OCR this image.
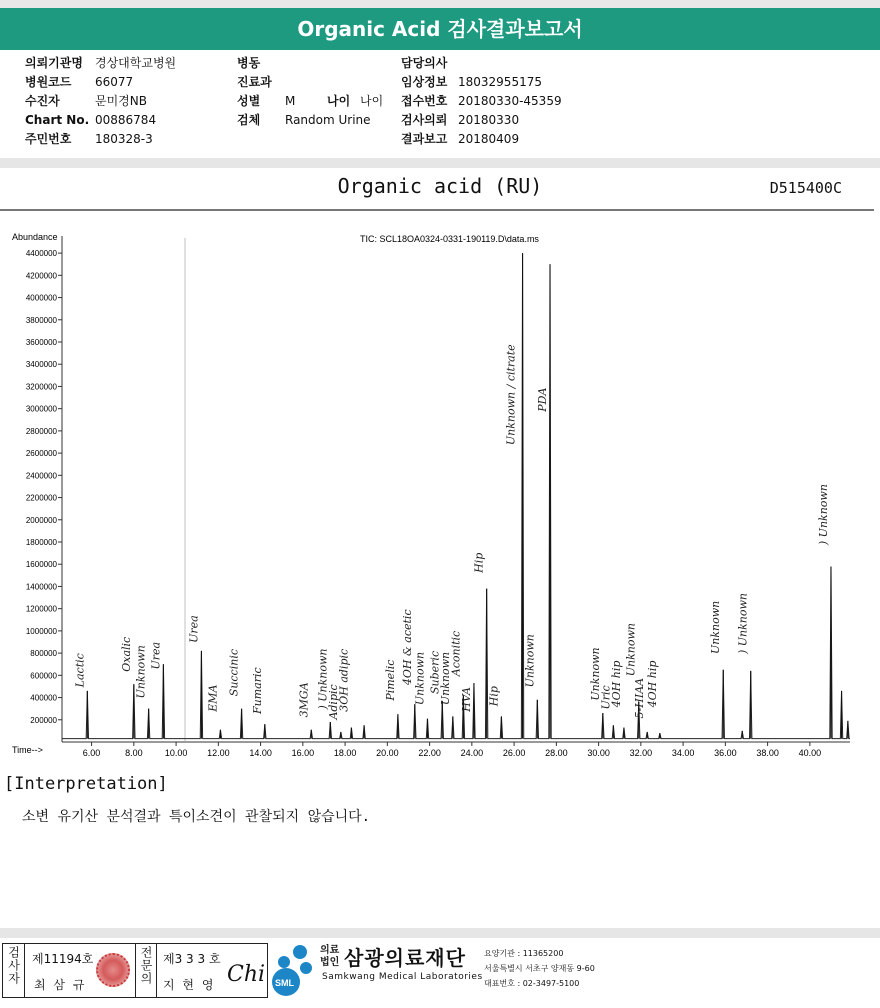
Organic Acid 검사결과보고서
의뢰기관명 경상대학교병원
병원코드 66077
수진자	문미경NB
Chart No. 00886784
주민번호 180328-3
병동
진료과
성별 M	나이 나이
검체 Random Urine
담당의사
임상정보 18032955175
접수번호 20180330-45359
검사의뢰 20180330
결과보고 20180409
Organic acid (RU)	D515400C
Abundance	TIC: SCL18OA0324-0331-190119.D\data.ms
Time-->
200000
400000
600000
800000
1000000
1200000
1400000
1600000
1800000
2000000
2200000
2400000
2600000
2800000
3000000
3200000
3400000
3600000
3800000
4000000
4200000
4400000
6.00	8.00 10.00 12.00 14.00 16.00 18.00 20.00 22.00 24.00 26.00 28.00 30.00 32.00 34.00 36.00 38.00 40.00
Lactic	Oxalic Unknown Urea
Urea
EMA
Succinic Fumaric	3MGA ) Unknown
Adipic
3OH adipic	Pimelic 4OH & acetic Unknown Suberic
Unknown
Aconitic
HVA
Hip
Hip
Unknown / citrate PDA
Unknown	Unknown
Uric
4OH hip
Unknown
5-HIAA 4OH hip
Unknown ) Unknown
) Unknown
[Interpretation]
소변 유기산 분석결과 특이소견이 관찰되지 않습니다.
검사자 제11194호
최 삼 규	전문의 제3 3 3 호
지 현 영 Chi SML
의료 법인 삼광의료재단
Samkwang Medical Laboratories
요양기관 : 11365200
서울특별시 서초구 양재동 9-60
대표번호 : 02-3497-5100
